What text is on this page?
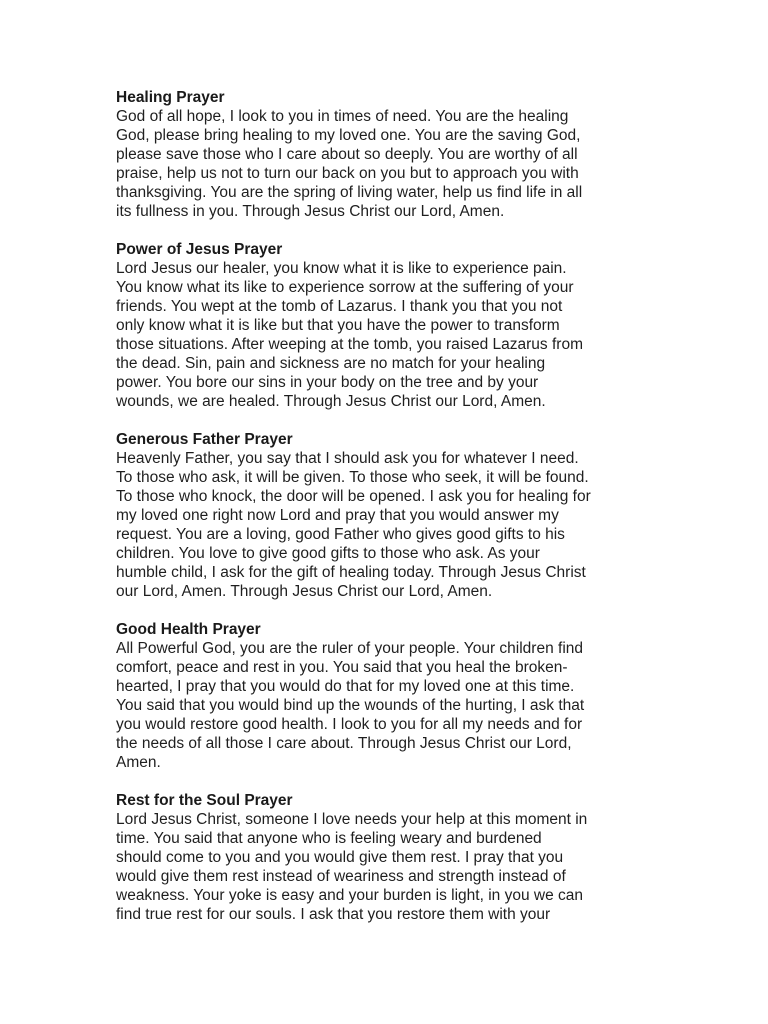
Healing Prayer

God of all hope, I look to you in times of need. You are the healing
God, please bring healing to my loved one. You are the saving God,
please save those who I care about so deeply. You are worthy of all
praise, help us not to turn our back on you but to approach you with
thanksgiving. You are the spring of living water, help us find life in all
its fullness in you. Through Jesus Christ our Lord, Amen.

Power of Jesus Prayer

Lord Jesus our healer, you know what it is like to experience pain.
You know what its like to experience sorrow at the suffering of your
friends. You wept at the tomb of Lazarus. I thank you that you not
only know what it is like but that you have the power to transform
those situations. After weeping at the tomb, you raised Lazarus from
the dead. Sin, pain and sickness are no match for your healing
power. You bore our sins in your body on the tree and by your
wounds, we are healed. Through Jesus Christ our Lord, Amen.

Generous Father Prayer

Heavenly Father, you say that I should ask you for whatever I need.
To those who ask, it will be given. To those who seek, it will be found.
To those who knock, the door will be opened. I ask you for healing for
my loved one right now Lord and pray that you would answer my
request. You are a loving, good Father who gives good gifts to his
children. You love to give good gifts to those who ask. As your
humble child, I ask for the gift of healing today. Through Jesus Christ
our Lord, Amen. Through Jesus Christ our Lord, Amen.

Good Health Prayer

All Powerful God, you are the ruler of your people. Your children find
comfort, peace and rest in you. You said that you heal the broken-
hearted, I pray that you would do that for my loved one at this time.
You said that you would bind up the wounds of the hurting, I ask that
you would restore good health. I look to you for all my needs and for
the needs of all those I care about. Through Jesus Christ our Lord,
Amen.

Rest for the Soul Prayer

Lord Jesus Christ, someone I love needs your help at this moment in
time. You said that anyone who is feeling weary and burdened
should come to you and you would give them rest. I pray that you
would give them rest instead of weariness and strength instead of
weakness. Your yoke is easy and your burden is light, in you we can
find true rest for our souls. I ask that you restore them with your
